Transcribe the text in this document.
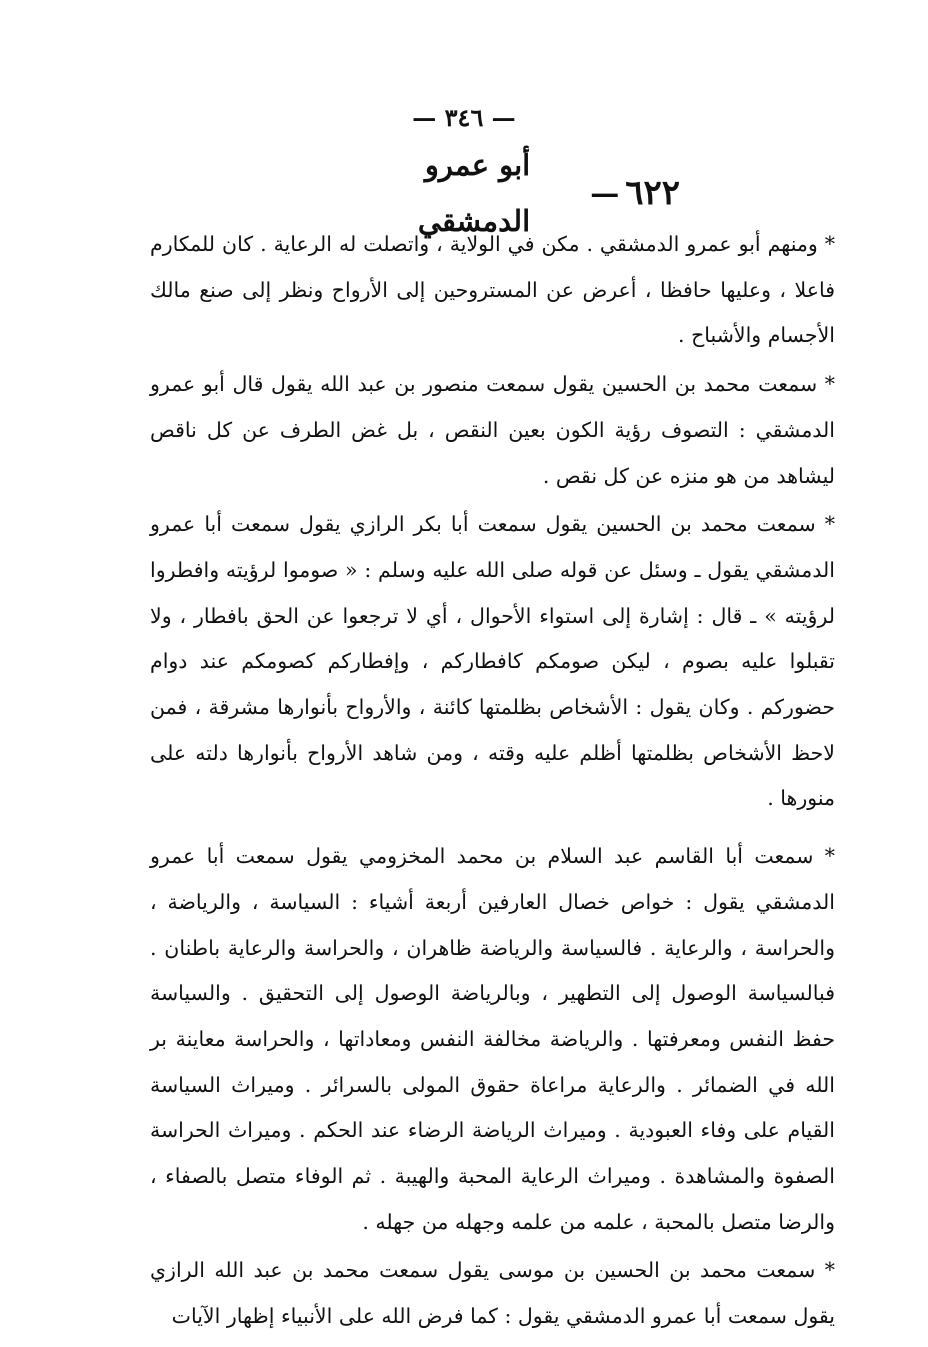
— ٣٤٦ —
٦٢٢
—
أبو عمرو الدمشقي

* ومنهم أبو عمرو الدمشقي . مكن في الولاية ، واتصلت له الرعاية . كان للمكارم فاعلا ، وعليها حافظا ، أعرض عن المستروحين إلى الأرواح ونظر إلى صنع مالك الأجسام والأشباح .

* سمعت محمد بن الحسين يقول سمعت منصور بن عبد الله يقول قال أبو عمرو الدمشقي : التصوف رؤية الكون بعين النقص ، بل غض الطرف عن كل ناقص ليشاهد من هو منزه عن كل نقص .

* سمعت محمد بن الحسين يقول سمعت أبا بكر الرازي يقول سمعت أبا عمرو الدمشقي يقول ـ وسئل عن قوله صلى الله عليه وسلم : « صوموا لرؤيته وافطروا لرؤيته » ـ قال : إشارة إلى استواء الأحوال ، أي لا ترجعوا عن الحق بافطار ، ولا تقبلوا عليه بصوم ، ليكن صومكم كافطاركم ، وإفطاركم كصومكم عند دوام حضوركم . وكان يقول : الأشخاص بظلمتها كائنة ، والأرواح بأنوارها مشرقة ، فمن لاحظ الأشخاص بظلمتها أظلم عليه وقته ، ومن شاهد الأرواح بأنوارها دلته على منورها .

* سمعت أبا القاسم عبد السلام بن محمد المخزومي يقول سمعت أبا عمرو الدمشقي يقول : خواص خصال العارفين أربعة أشياء : السياسة ، والرياضة ، والحراسة ، والرعاية . فالسياسة والرياضة ظاهران ، والحراسة والرعاية باطنان . فبالسياسة الوصول إلى التطهير ، وبالرياضة الوصول إلى التحقيق . والسياسة حفظ النفس ومعرفتها . والرياضة مخالفة النفس ومعاداتها ، والحراسة معاينة بر الله في الضمائر . والرعاية مراعاة حقوق المولى بالسرائر . وميراث السياسة القيام على وفاء العبودية . وميراث الرياضة الرضاء عند الحكم . وميراث الحراسة الصفوة والمشاهدة . وميراث الرعاية المحبة والهيبة . ثم الوفاء متصل بالصفاء ، والرضا متصل بالمحبة ، علمه من علمه وجهله من جهله .

* سمعت محمد بن الحسين بن موسى يقول سمعت محمد بن عبد الله الرازي يقول سمعت أبا عمرو الدمشقي يقول : كما فرض الله على الأنبياء إظهار الآيات
